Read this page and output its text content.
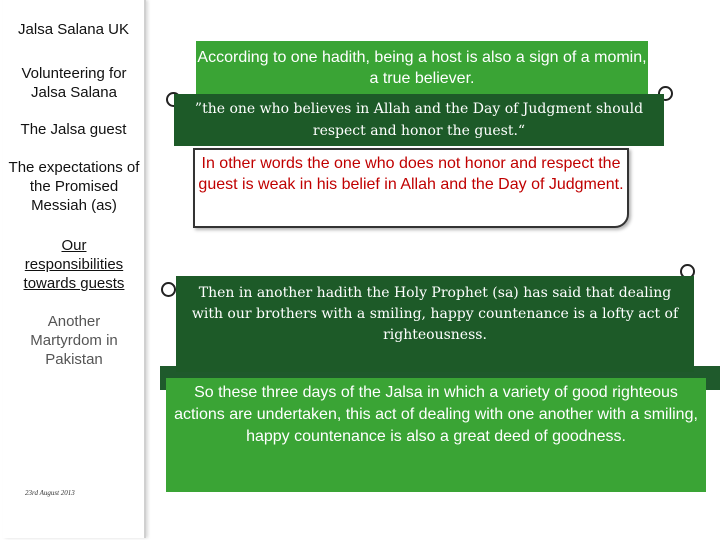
Jalsa Salana UK
Volunteering for Jalsa Salana
The Jalsa guest
The expectations of the Promised Messiah (as)
Our responsibilities towards guests
Another Martyrdom in Pakistan
23rd August 2013
According to one hadith, being a host is also a sign of a momin, a true believer.
”the one who believes in Allah and the Day of Judgment should respect and honor the guest.“
In other words the one who does not honor and respect the guest is weak in his belief in Allah and the Day of Judgment.
Then in another hadith the Holy Prophet (sa) has said that dealing with our brothers with a smiling, happy countenance is a lofty act of righteousness.
So these three days of the Jalsa in which a variety of good righteous actions are undertaken, this act of dealing with one another with a smiling, happy countenance is also a great deed of goodness.
